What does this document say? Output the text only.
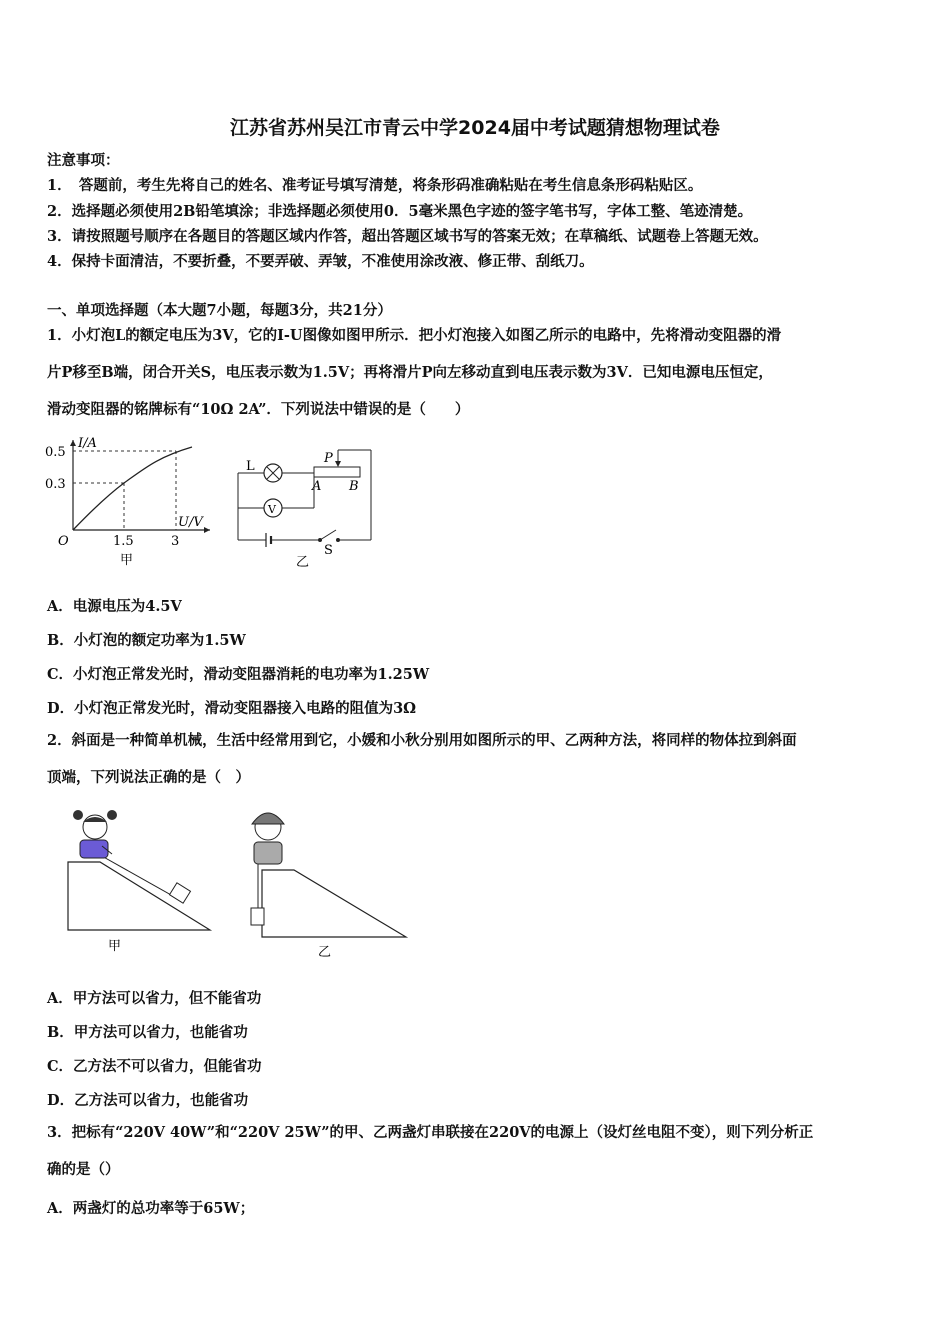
江苏省苏州吴江市青云中学2024届中考试题猜想物理试卷
注意事项：
1．　答题前，考生先将自己的姓名、准考证号填写清楚，将条形码准确粘贴在考生信息条形码粘贴区。
2．选择题必须使用2B铅笔填涂；非选择题必须使用0．5毫米黑色字迹的签字笔书写，字体工整、笔迹清楚。
3．请按照题号顺序在各题目的答题区域内作答，超出答题区域书写的答案无效；在草稿纸、试题卷上答题无效。
4．保持卡面清洁，不要折叠，不要弄破、弄皱，不准使用涂改液、修正带、刮纸刀。
一、单项选择题（本大题7小题，每题3分，共21分）
1．小灯泡L的额定电压为3V，它的I-U图像如图甲所示．把小灯泡接入如图乙所示的电路中，先将滑动变阻器的滑
片P移至B端，闭合开关S，电压表示数为1.5V；再将滑片P向左移动直到电压表示数为3V．已知电源电压恒定，
滑动变阻器的铭牌标有“10Ω 2A”．下列说法中错误的是（　　）
I/A
U/V
0.5
0.3
O	1.5	3
甲
L
V
P
A B
S
乙
A．电源电压为4.5V
B．小灯泡的额定功率为1.5W
C．小灯泡正常发光时，滑动变阻器消耗的电功率为1.25W
D．小灯泡正常发光时，滑动变阻器接入电路的阻值为3Ω
2．斜面是一种简单机械，生活中经常用到它，小媛和小秋分别用如图所示的甲、乙两种方法，将同样的物体拉到斜面
顶端，下列说法正确的是（　）
甲	乙
A．甲方法可以省力，但不能省功
B．甲方法可以省力，也能省功
C．乙方法不可以省力，但能省功
D．乙方法可以省力，也能省功
3．把标有“220V 40W”和“220V 25W”的甲、乙两盏灯串联接在220V的电源上（设灯丝电阻不变），则下列分析正
确的是（）
A．两盏灯的总功率等于65W；
